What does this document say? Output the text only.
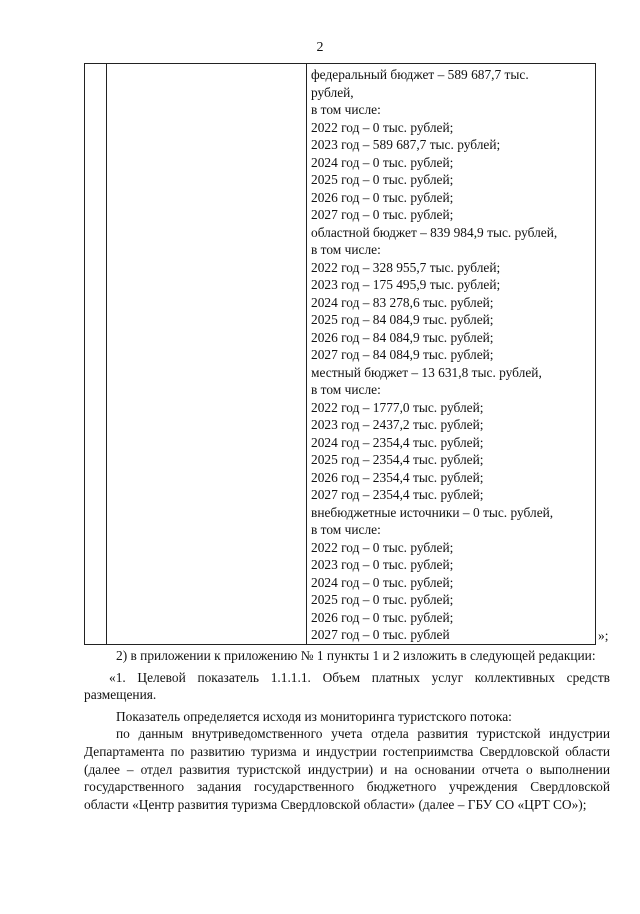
2
федеральный бюджет – 589 687,7 тыс.
рублей,
в том числе:
2022 год – 0 тыс. рублей;
2023 год – 589 687,7 тыс. рублей;
2024 год – 0 тыс. рублей;
2025 год – 0 тыс. рублей;
2026 год – 0 тыс. рублей;
2027 год – 0 тыс. рублей;
областной бюджет – 839 984,9 тыс. рублей,
в том числе:
2022 год – 328 955,7 тыс. рублей;
2023 год – 175 495,9 тыс. рублей;
2024 год – 83 278,6 тыс. рублей;
2025 год – 84 084,9 тыс. рублей;
2026 год – 84 084,9 тыс. рублей;
2027 год – 84 084,9 тыс. рублей;
местный бюджет – 13 631,8 тыс. рублей,
в том числе:
2022 год – 1777,0 тыс. рублей;
2023 год – 2437,2 тыс. рублей;
2024 год – 2354,4 тыс. рублей;
2025 год – 2354,4 тыс. рублей;
2026 год – 2354,4 тыс. рублей;
2027 год – 2354,4 тыс. рублей;
внебюджетные источники – 0 тыс. рублей,
в том числе:
2022 год – 0 тыс. рублей;
2023 год – 0 тыс. рублей;
2024 год – 0 тыс. рублей;
2025 год – 0 тыс. рублей;
2026 год – 0 тыс. рублей;
2027 год – 0 тыс. рублей	»;
2) в приложении к приложению № 1 пункты 1 и 2 изложить в следующей редакции:
«1. Целевой показатель 1.1.1.1. Объем платных услуг коллективных средств размещения.
Показатель определяется исходя из мониторинга туристского потока:
по данным внутриведомственного учета отдела развития туристской индустрии Департамента по развитию туризма и индустрии гостеприимства Свердловской области (далее – отдел развития туристской индустрии) и на основании отчета о выполнении государственного задания государственного бюджетного учреждения Свердловской области «Центр развития туризма Свердловской области» (далее – ГБУ СО «ЦРТ СО»);
